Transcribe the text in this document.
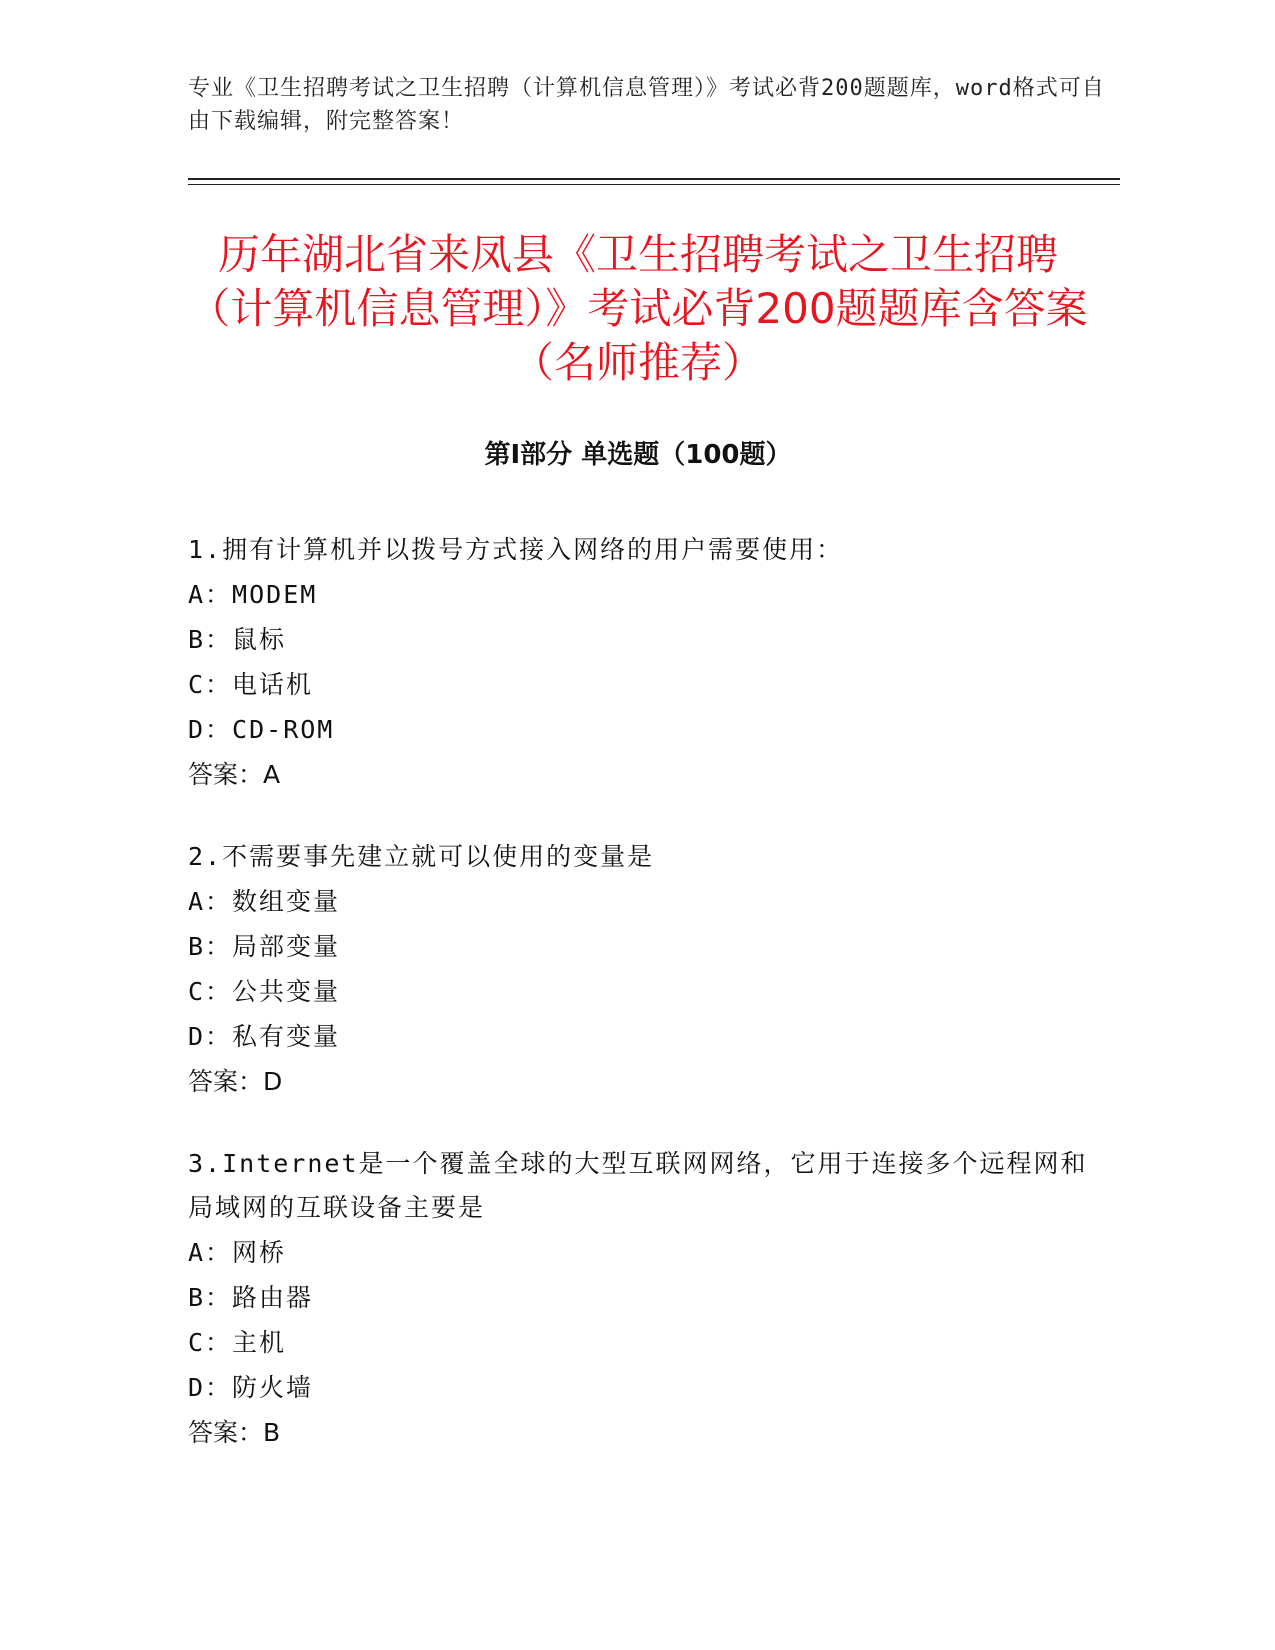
专业《卫生招聘考试之卫生招聘（计算机信息管理）》考试必背200题题库，word格式可自由下载编辑，附完整答案！
历年湖北省来凤县《卫生招聘考试之卫生招聘（计算机信息管理）》考试必背200题题库含答案（名师推荐）
第Ⅰ部分 单选题（100题）
1.拥有计算机并以拨号方式接入网络的用户需要使用：
A：MODEM
B：鼠标
C：电话机
D：CD-ROM
答案：A
2.不需要事先建立就可以使用的变量是
A：数组变量
B：局部变量
C：公共变量
D：私有变量
答案：D
3.Internet是一个覆盖全球的大型互联网网络，它用于连接多个远程网和局域网的互联设备主要是
A：网桥
B：路由器
C：主机
D：防火墙
答案：B
